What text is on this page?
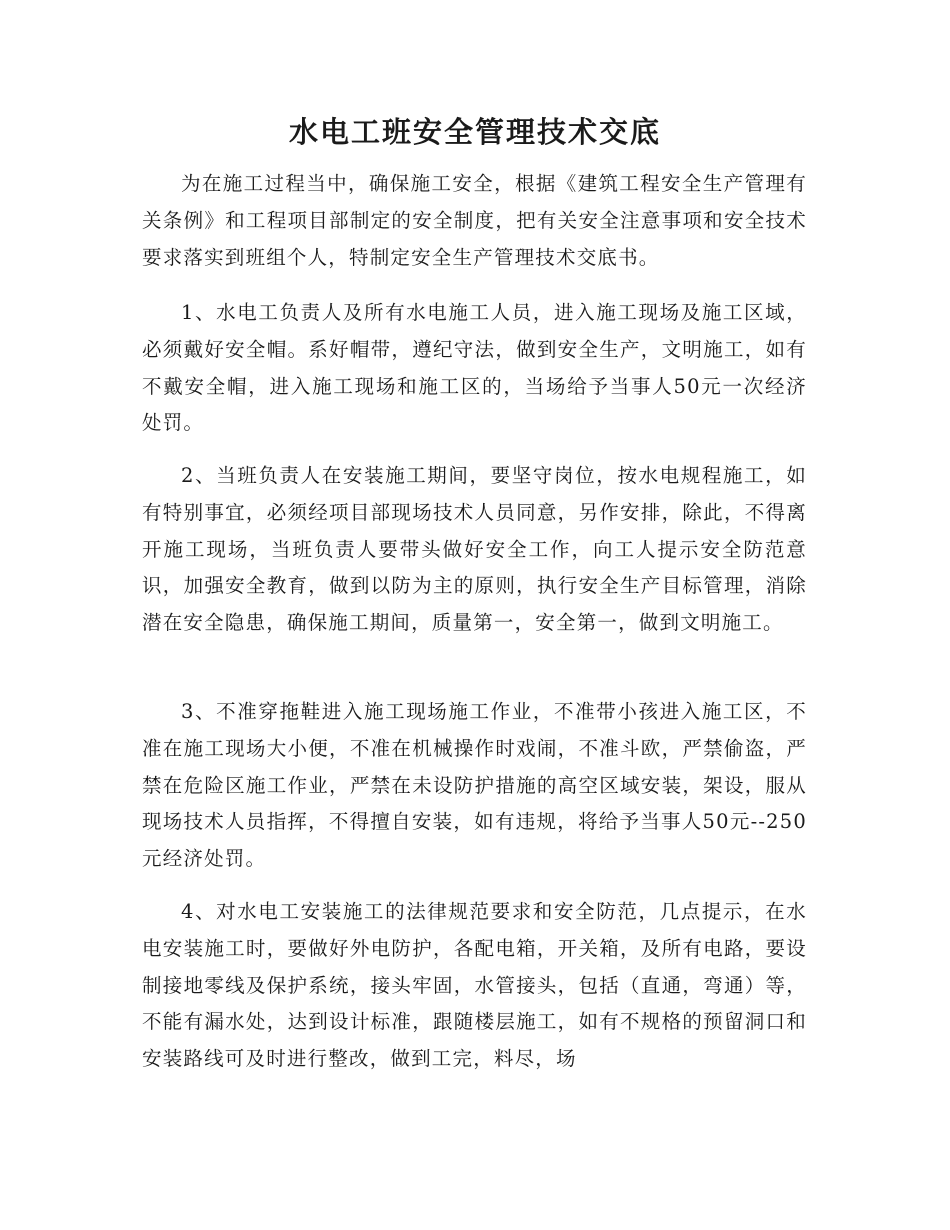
水电工班安全管理技术交底

为在施工过程当中，确保施工安全，根据《建筑工程安全生产管理有关条例》和工程项目部制定的安全制度，把有关安全注意事项和安全技术要求落实到班组个人，特制定安全生产管理技术交底书。

1、水电工负责人及所有水电施工人员，进入施工现场及施工区域，必须戴好安全帽。系好帽带，遵纪守法，做到安全生产，文明施工，如有不戴安全帽，进入施工现场和施工区的，当场给予当事人50元一次经济处罚。

2、当班负责人在安装施工期间，要坚守岗位，按水电规程施工，如有特别事宜，必须经项目部现场技术人员同意，另作安排，除此，不得离开施工现场，当班负责人要带头做好安全工作，向工人提示安全防范意识，加强安全教育，做到以防为主的原则，执行安全生产目标管理，消除潜在安全隐患，确保施工期间，质量第一，安全第一，做到文明施工。

3、不准穿拖鞋进入施工现场施工作业，不准带小孩进入施工区，不准在施工现场大小便，不准在机械操作时戏闹，不准斗欧，严禁偷盗，严禁在危险区施工作业，严禁在未设防护措施的高空区域安装，架设，服从现场技术人员指挥，不得擅自安装，如有违规，将给予当事人50元--250元经济处罚。

4、对水电工安装施工的法律规范要求和安全防范，几点提示，在水电安装施工时，要做好外电防护，各配电箱，开关箱，及所有电路，要设制接地零线及保护系统，接头牢固，水管接头，包括（直通，弯通）等，不能有漏水处，达到设计标准，跟随楼层施工，如有不规格的预留洞口和安装路线可及时进行整改，做到工完，料尽，场
